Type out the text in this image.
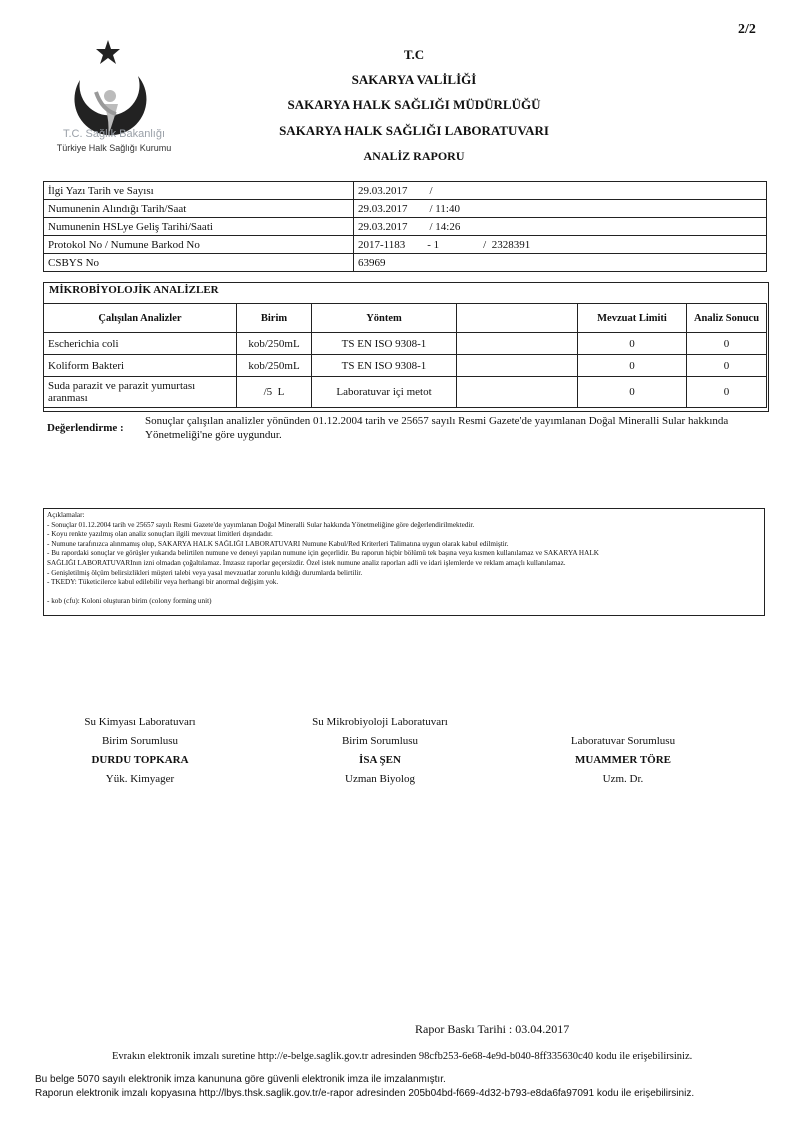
2/2
T.C. Sağlık Bakanlığı
Türkiye Halk Sağlığı Kurumu
T.C
SAKARYA VALİLİĞİ
SAKARYA HALK SAĞLIĞI MÜDÜRLÜĞÜ
SAKARYA HALK SAĞLIĞI LABORATUVARI
ANALİZ RAPORU
İlgi Yazı Tarih ve Sayısı	29.03.2017        /
Numunenin Alındığı Tarih/Saat	29.03.2017        / 11:40
Numunenin HSLye Geliş Tarihi/Saati	29.03.2017        / 14:26
Protokol No / Numune Barkod No	2017-1183        - 1                /  2328391
CSBYS No	63969
MİKROBİYOLOJİK ANALİZLER
Çalışılan Analizler	Birim	Yöntem		Mevzuat Limiti	Analiz Sonucu
Escherichia coli	kob/250mL	TS EN ISO 9308-1		0	0
Koliform Bakteri	kob/250mL	TS EN ISO 9308-1		0	0
Suda parazit ve parazit yumurtası aranması	/5  L	Laboratuvar içi metot		0	0
Değerlendirme :
Sonuçlar çalışılan analizler yönünden 01.12.2004 tarih ve 25657 sayılı Resmi Gazete'de yayımlanan Doğal Mineralli Sular hakkında
Yönetmeliği'ne göre uygundur.
Açıklamalar:
- Sonuçlar 01.12.2004 tarih ve 25657 sayılı Resmi Gazete'de yayımlanan Doğal Mineralli Sular hakkında Yönetmeliğine göre değerlendirilmektedir.
- Koyu renkte yazılmış olan analiz sonuçları ilgili mevzuat limitleri dışındadır.
- Numune tarafınızca alınmamış olup, SAKARYA HALK SAĞLIĞI LABORATUVARI Numune Kabul/Red Kriterleri Talimatına uygun olarak kabul edilmiştir.
- Bu rapordaki sonuçlar ve görüşler yukarıda belirtilen numune ve deneyi yapılan numune için geçerlidir. Bu raporun hiçbir bölümü tek başına veya kısmen kullanılamaz ve SAKARYA HALK
SAĞLIĞI LABORATUVARInın izni olmadan çoğaltılamaz. İmzasız raporlar geçersizdir. Özel istek numune analiz raporları adli ve idari işlemlerde ve reklam amaçlı kullanılamaz.
- Genişletilmiş ölçüm belirsizlikleri müşteri talebi veya yasal mevzuatlar zorunlu kıldığı durumlarda belirtilir.
- TKEDY: Tüketicilerce kabul edilebilir veya herhangi bir anormal değişim yok.
- kob (cfu): Koloni oluşturan birim (colony forming unit)
Su Kimyası Laboratuvarı
Birim Sorumlusu
DURDU TOPKARA
Yük. Kimyager
Su Mikrobiyoloji Laboratuvarı
Birim Sorumlusu
İSA ŞEN
Uzman Biyolog
Laboratuvar Sorumlusu
MUAMMER TÖRE
Uzm. Dr.
Rapor Baskı Tarihi : 03.04.2017
Evrakın elektronik imzalı suretine http://e-belge.saglik.gov.tr adresinden 98cfb253-6e68-4e9d-b040-8ff335630c40 kodu ile erişebilirsiniz.
Bu belge 5070 sayılı elektronik imza kanununa göre güvenli elektronik imza ile imzalanmıştır.
Raporun elektronik imzalı kopyasına http://lbys.thsk.saglik.gov.tr/e-rapor adresinden 205b04bd-f669-4d32-b793-e8da6fa97091 kodu ile erişebilirsiniz.
